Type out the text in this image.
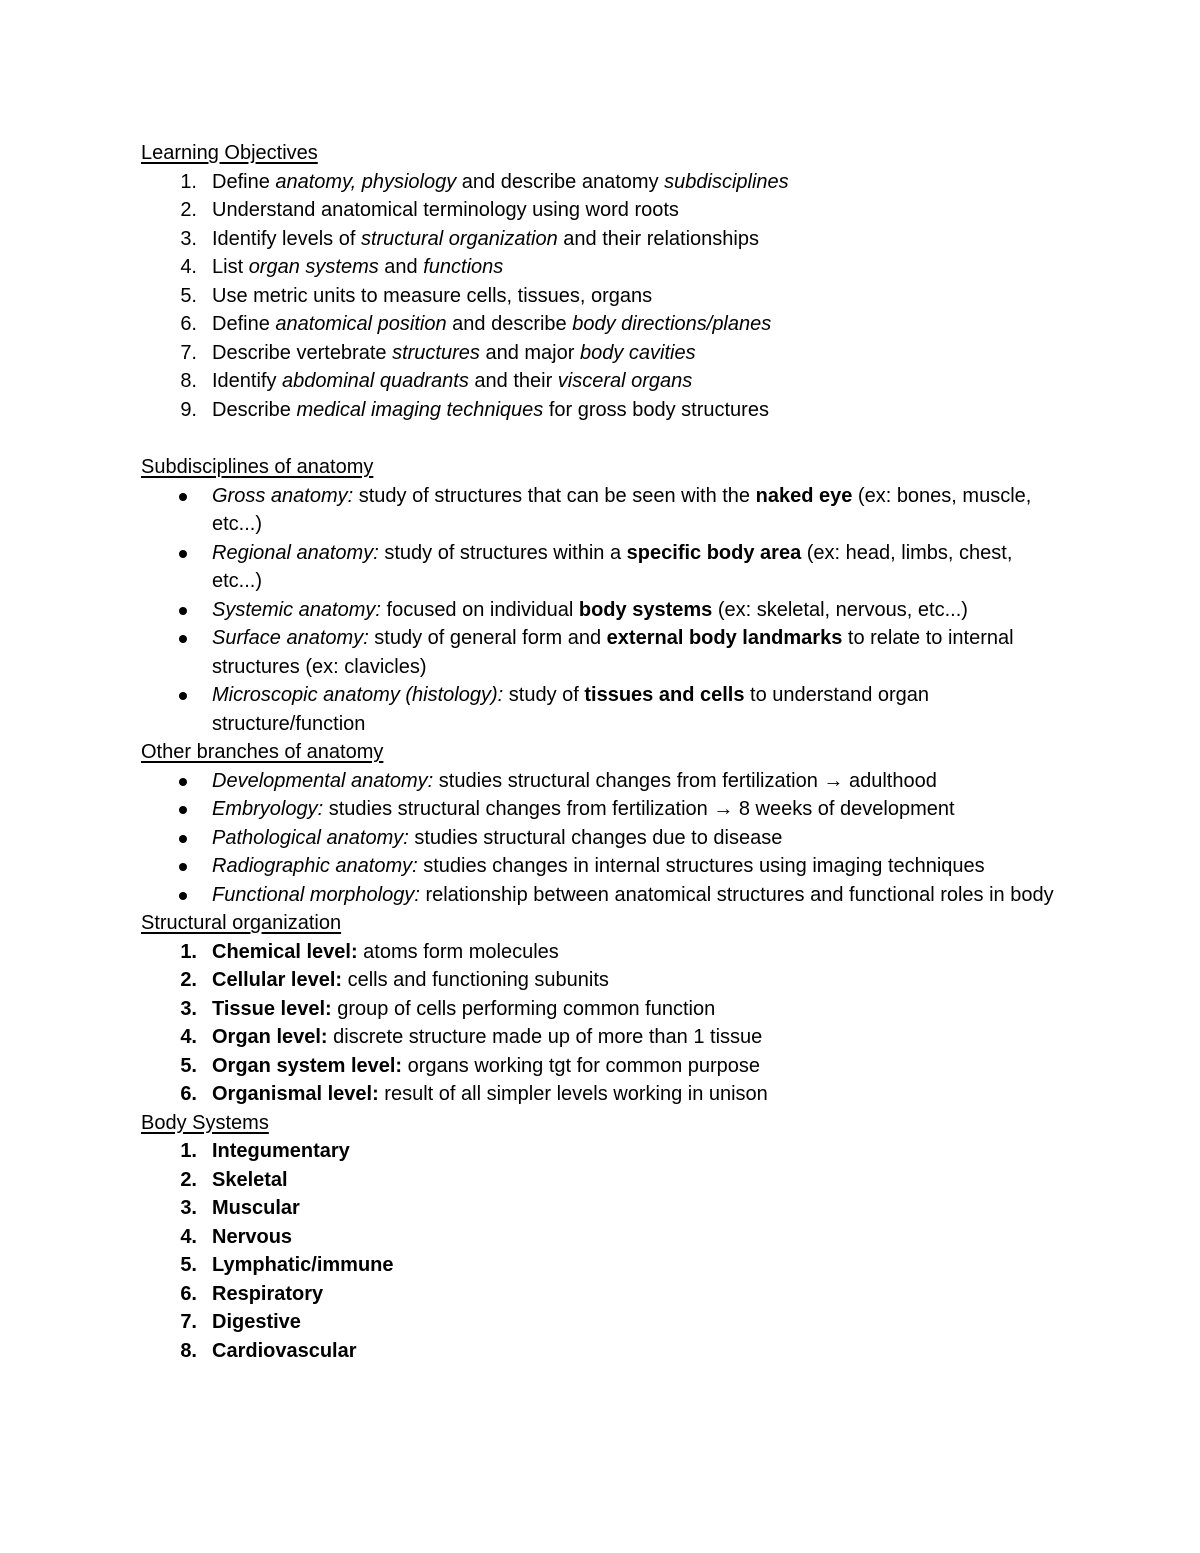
Learning Objectives
1. Define anatomy, physiology and describe anatomy subdisciplines
2. Understand anatomical terminology using word roots
3. Identify levels of structural organization and their relationships
4. List organ systems and functions
5. Use metric units to measure cells, tissues, organs
6. Define anatomical position and describe body directions/planes
7. Describe vertebrate structures and major body cavities
8. Identify abdominal quadrants and their visceral organs
9. Describe medical imaging techniques for gross body structures
Subdisciplines of anatomy
Gross anatomy: study of structures that can be seen with the naked eye (ex: bones, muscle, etc...)
Regional anatomy: study of structures within a specific body area (ex: head, limbs, chest, etc...)
Systemic anatomy: focused on individual body systems (ex: skeletal, nervous, etc...)
Surface anatomy: study of general form and external body landmarks to relate to internal structures (ex: clavicles)
Microscopic anatomy (histology): study of tissues and cells to understand organ structure/function
Other branches of anatomy
Developmental anatomy: studies structural changes from fertilization → adulthood
Embryology: studies structural changes from fertilization → 8 weeks of development
Pathological anatomy: studies structural changes due to disease
Radiographic anatomy: studies changes in internal structures using imaging techniques
Functional morphology: relationship between anatomical structures and functional roles in body
Structural organization
1. Chemical level: atoms form molecules
2. Cellular level: cells and functioning subunits
3. Tissue level: group of cells performing common function
4. Organ level: discrete structure made up of more than 1 tissue
5. Organ system level: organs working tgt for common purpose
6. Organismal level: result of all simpler levels working in unison
Body Systems
1. Integumentary
2. Skeletal
3. Muscular
4. Nervous
5. Lymphatic/immune
6. Respiratory
7. Digestive
8. Cardiovascular
